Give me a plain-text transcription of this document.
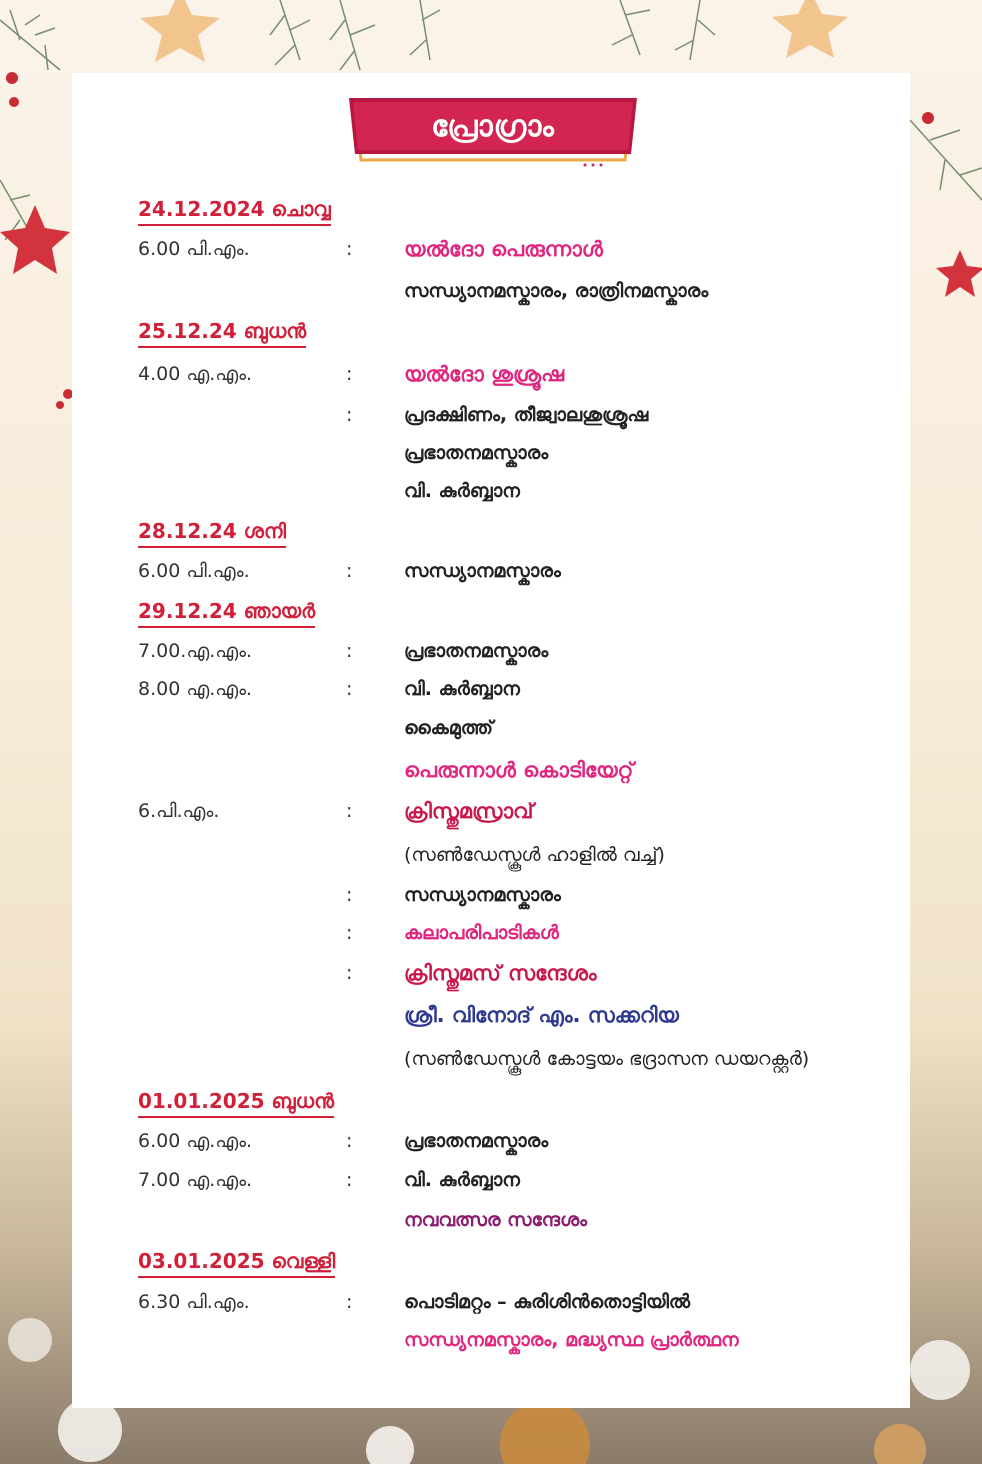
പ്രോഗ്രാം
24.12.2024 ചൊവ്വ
6.00 പി.എം.	: യൽദോ പെരുന്നാൾ
സന്ധ്യാനമസ്കാരം, രാത്രിനമസ്കാരം
25.12.24 ബുധൻ
4.00 എ.എം.	: യൽദോ ശുശ്രൂഷ
:	പ്രദക്ഷിണം, തീജ്വാലശുശ്രൂഷ
പ്രഭാതനമസ്കാരം
വി. കുർബ്ബാന
28.12.24 ശനി
6.00 പി.എം.	:	സന്ധ്യാനമസ്കാരം
29.12.24 ഞായർ
7.00.എ.എം.	:	പ്രഭാതനമസ്കാരം
8.00 എ.എം.	:	വി. കുർബ്ബാന
കൈമുത്ത്
പെരുന്നാൾ കൊടിയേറ്റ്
6.പി.എം.	: ക്രിസ്തുമസ്രാവ്
(സൺഡേസ്കൂൾ ഹാളിൽ വച്ച്)
:	സന്ധ്യാനമസ്കാരം
:	കലാപരിപാടികൾ
: ക്രിസ്തുമസ് സന്ദേശം
ശ്രീ. വിനോദ് എം. സക്കറിയ
(സൺഡേസ്കൂൾ കോട്ടയം ഭദ്രാസന ഡയറക്റ്റർ)
01.01.2025 ബുധൻ
6.00 എ.എം.	:	പ്രഭാതനമസ്കാരം
7.00 എ.എം.	:	വി. കുർബ്ബാന
നവവത്സര സന്ദേശം
03.01.2025 വെള്ളി
6.30 പി.എം.	:	പൊടിമറ്റം – കുരിശിൻതൊട്ടിയിൽ
സന്ധ്യനമസ്കാരം, മദ്ധ്യസ്ഥ പ്രാർത്ഥന
